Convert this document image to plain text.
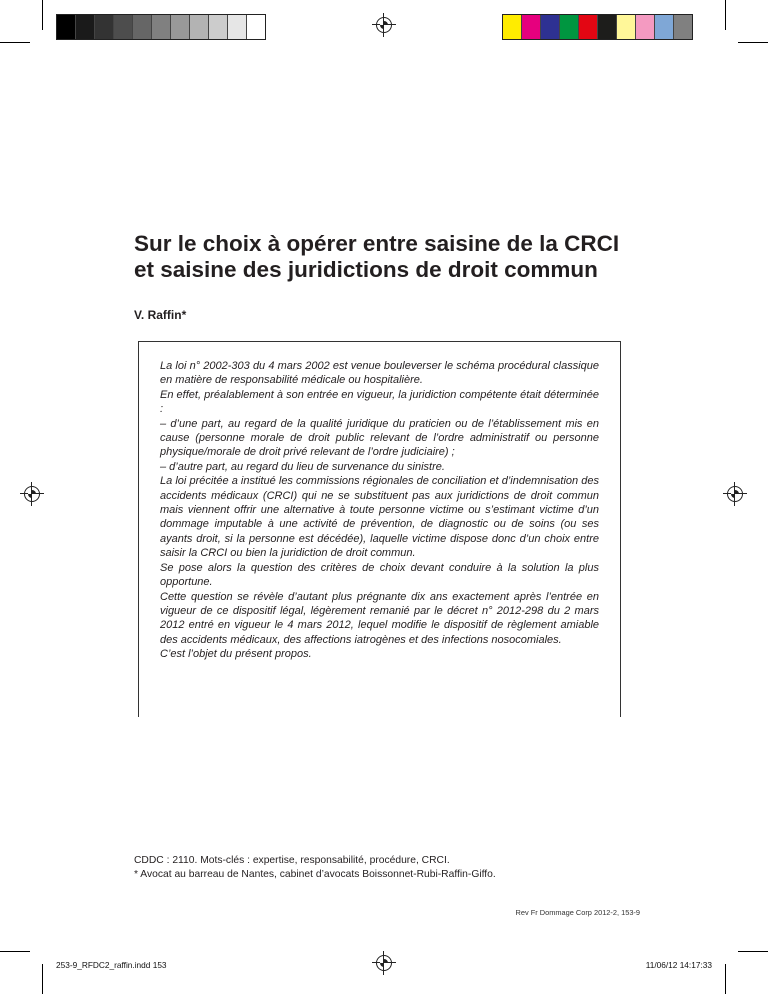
Sur le choix à opérer entre saisine de la CRCI
et saisine des juridictions de droit commun
V. Raffin*

La loi n° 2002-303 du 4 mars 2002 est venue bouleverser le schéma procédural classique en matière de responsabilité médicale ou hospitalière.

En effet, préalablement à son entrée en vigueur, la juridiction compétente était déterminée :

– d’une part, au regard de la qualité juridique du praticien ou de l’établissement mis en cause (personne morale de droit public relevant de l’ordre administratif ou personne physique/morale de droit privé relevant de l’ordre judiciaire) ;

– d’autre part, au regard du lieu de survenance du sinistre.

La loi précitée a institué les commissions régionales de conciliation et d’indemnisation des accidents médicaux (CRCI) qui ne se substituent pas aux juridictions de droit commun mais viennent offrir une alternative à toute personne victime ou s’estimant victime d’un dommage imputable à une activité de prévention, de diagnostic ou de soins (ou ses ayants droit, si la personne est décédée), laquelle victime dispose donc d’un choix entre saisir la CRCI ou bien la juridiction de droit commun.

Se pose alors la question des critères de choix devant conduire à la solution la plus opportune.

Cette question se révèle d’autant plus prégnante dix ans exactement après l’entrée en vigueur de ce dispositif légal, légèrement remanié par le décret n° 2012-298 du 2 mars 2012 entré en vigueur le 4 mars 2012, lequel modifie le dispositif de règlement amiable des accidents médicaux, des affections iatrogènes et des infections nosocomiales.

C’est l’objet du présent propos.

CDDC : 2110. Mots-clés : expertise, responsabilité, procédure, CRCI.
* Avocat au barreau de Nantes, cabinet d’avocats Boissonnet-Rubi-Raffin-Giffo.
Rev Fr Dommage Corp 2012-2, 153-9
253-9_RFDC2_raffin.indd 153	11/06/12 14:17:33
